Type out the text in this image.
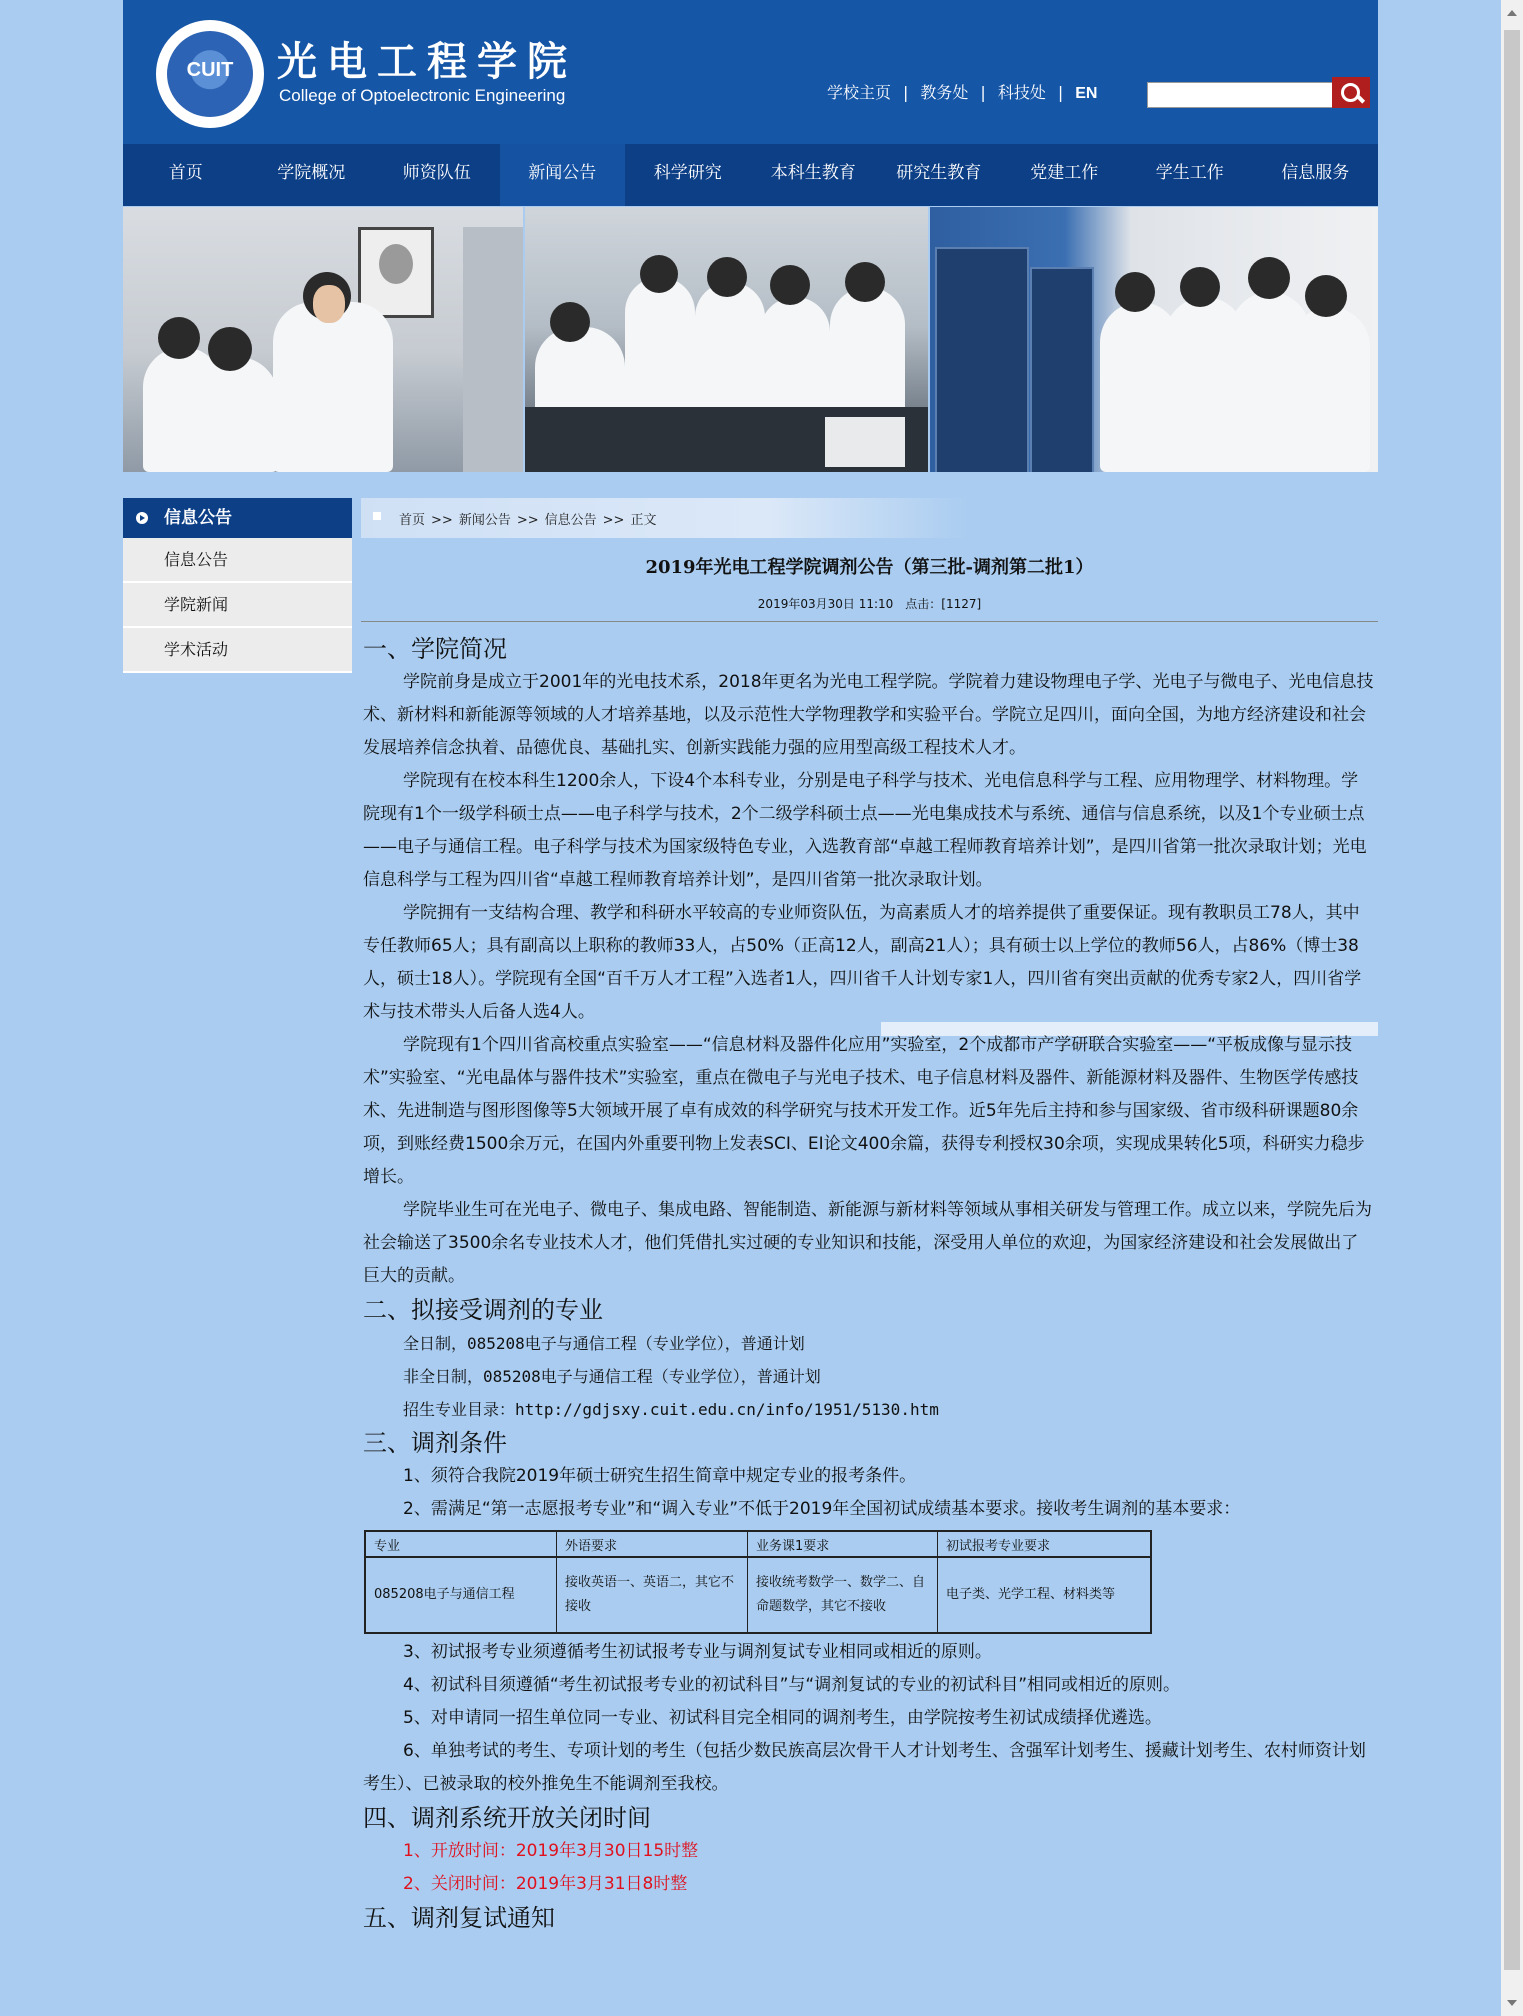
CUIT	光电工程学院
College of Optoelectronic Engineering	学校主页 | 教务处 | 科技处 | EN
首页	学院概况	师资队伍	新闻公告	科学研究	本科生教育	研究生教育	党建工作	学生工作	信息服务
信息公告
信息公告
学院新闻
学术活动
首页 >> 新闻公告 >> 信息公告 >> 正文
2019年光电工程学院调剂公告（第三批-调剂第二批1）
2019年03月30日 11:10　点击：[1127]
一、学院简况

学院前身是成立于2001年的光电技术系，2018年更名为光电工程学院。学院着力建设物理电子学、光电子与微电子、光电信息技术、新材料和新能源等领域的人才培养基地，以及示范性大学物理教学和实验平台。学院立足四川，面向全国，为地方经济建设和社会发展培养信念执着、品德优良、基础扎实、创新实践能力强的应用型高级工程技术人才。

学院现有在校本科生1200余人，下设4个本科专业，分别是电子科学与技术、光电信息科学与工程、应用物理学、材料物理。学院现有1个一级学科硕士点——电子科学与技术，2个二级学科硕士点——光电集成技术与系统、通信与信息系统，以及1个专业硕士点——电子与通信工程。电子科学与技术为国家级特色专业，入选教育部“卓越工程师教育培养计划”，是四川省第一批次录取计划；光电信息科学与工程为四川省“卓越工程师教育培养计划”，是四川省第一批次录取计划。

学院拥有一支结构合理、教学和科研水平较高的专业师资队伍，为高素质人才的培养提供了重要保证。现有教职员工78人，其中专任教师65人；具有副高以上职称的教师33人，占50%（正高12人，副高21人）；具有硕士以上学位的教师56人，占86%（博士38人，硕士18人）。学院现有全国“百千万人才工程”入选者1人，四川省千人计划专家1人，四川省有突出贡献的优秀专家2人，四川省学术与技术带头人后备人选4人。

学院现有1个四川省高校重点实验室——“信息材料及器件化应用”实验室，2个成都市产学研联合实验室——“平板成像与显示技术”实验室、“光电晶体与器件技术”实验室，重点在微电子与光电子技术、电子信息材料及器件、新能源材料及器件、生物医学传感技术、先进制造与图形图像等5大领域开展了卓有成效的科学研究与技术开发工作。近5年先后主持和参与国家级、省市级科研课题80余项，到账经费1500余万元，在国内外重要刊物上发表SCI、EI论文400余篇，获得专利授权30余项，实现成果转化5项，科研实力稳步增长。

学院毕业生可在光电子、微电子、集成电路、智能制造、新能源与新材料等领域从事相关研发与管理工作。成立以来，学院先后为社会输送了3500余名专业技术人才，他们凭借扎实过硬的专业知识和技能，深受用人单位的欢迎，为国家经济建设和社会发展做出了巨大的贡献。

二、拟接受调剂的专业

全日制，085208电子与通信工程（专业学位），普通计划

非全日制，085208电子与通信工程（专业学位），普通计划

招生专业目录：http://gdjsxy.cuit.edu.cn/info/1951/5130.htm

三、调剂条件

1、须符合我院2019年硕士研究生招生简章中规定专业的报考条件。

2、需满足“第一志愿报考专业”和“调入专业”不低于2019年全国初试成绩基本要求。接收考生调剂的基本要求：

专业	外语要求	业务课1要求	初试报考专业要求
085208电子与通信工程	接收英语一、英语二，其它不接收	接收统考数学一、数学二、自命题数学，其它不接收	电子类、光学工程、材料类等

3、初试报考专业须遵循考生初试报考专业与调剂复试专业相同或相近的原则。

4、初试科目须遵循“考生初试报考专业的初试科目”与“调剂复试的专业的初试科目”相同或相近的原则。

5、对申请同一招生单位同一专业、初试科目完全相同的调剂考生，由学院按考生初试成绩择优遴选。

6、单独考试的考生、专项计划的考生（包括少数民族高层次骨干人才计划考生、含强军计划考生、援藏计划考生、农村师资计划考生）、已被录取的校外推免生不能调剂至我校。

四、调剂系统开放关闭时间

1、开放时间：2019年3月30日15时整

2、关闭时间：2019年3月31日8时整

五、调剂复试通知
